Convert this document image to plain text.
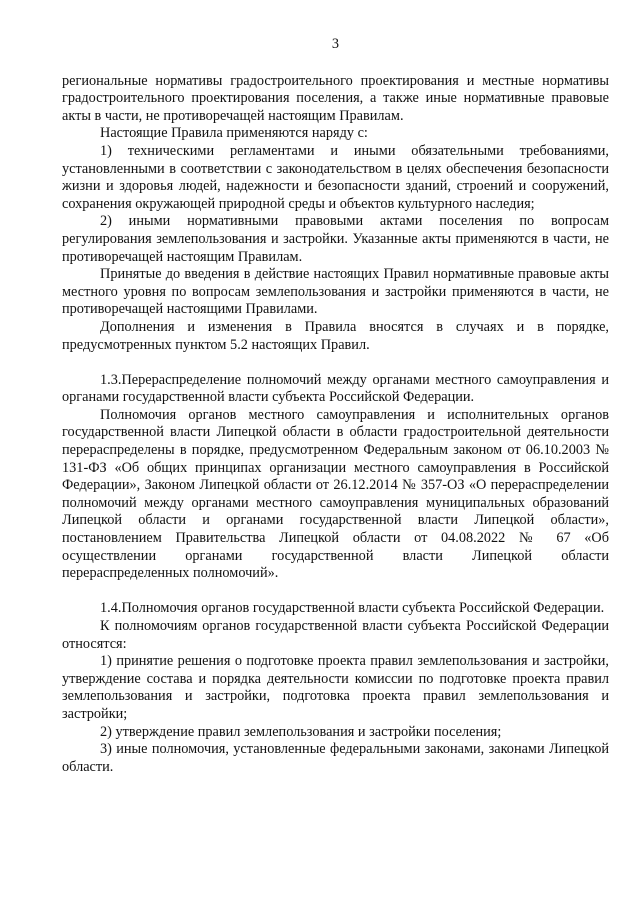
3

региональные нормативы градостроительного проектирования и местные нормативы градостроительного проектирования поселения, а также иные нормативные правовые акты в части, не противоречащей настоящим Правилам.

Настоящие Правила применяются наряду с:

1) техническими регламентами и иными обязательными требованиями, установленными в соответствии с законодательством в целях обеспечения безопасности жизни и здоровья людей, надежности и безопасности зданий, строений и сооружений, сохранения окружающей природной среды и объектов культурного наследия;

2) иными нормативными правовыми актами поселения по вопросам регулирования землепользования и застройки. Указанные акты применяются в части, не противоречащей настоящим Правилам.

Принятые до введения в действие настоящих Правил нормативные правовые акты местного уровня по вопросам землепользования и застройки применяются в части, не противоречащей настоящими Правилами.

Дополнения и изменения в Правила вносятся в случаях и в порядке, предусмотренных пунктом 5.2 настоящих Правил.

1.3.Перераспределение полномочий между органами местного самоуправления и органами государственной власти субъекта Российской Федерации.

Полномочия органов местного самоуправления и исполнительных органов государственной власти Липецкой области в области градостроительной деятельности перераспределены в порядке, предусмотренном Федеральным законом от 06.10.2003 № 131-ФЗ «Об общих принципах организации местного самоуправления в Российской Федерации», Законом Липецкой области от 26.12.2014 № 357-ОЗ «О перераспределении полномочий между органами местного самоуправления муниципальных образований Липецкой области и органами государственной власти Липецкой области», постановлением Правительства Липецкой области от 04.08.2022 № 67 «Об осуществлении органами государственной власти Липецкой области перераспределенных полномочий».

1.4.Полномочия органов государственной власти субъекта Российской Федерации.

К полномочиям органов государственной власти субъекта Российской Федерации относятся:

1) принятие решения о подготовке проекта правил землепользования и застройки, утверждение состава и порядка деятельности комиссии по подготовке проекта правил землепользования и застройки, подготовка проекта правил землепользования и застройки;

2) утверждение правил землепользования и застройки поселения;

3) иные полномочия, установленные федеральными законами, законами Липецкой области.
